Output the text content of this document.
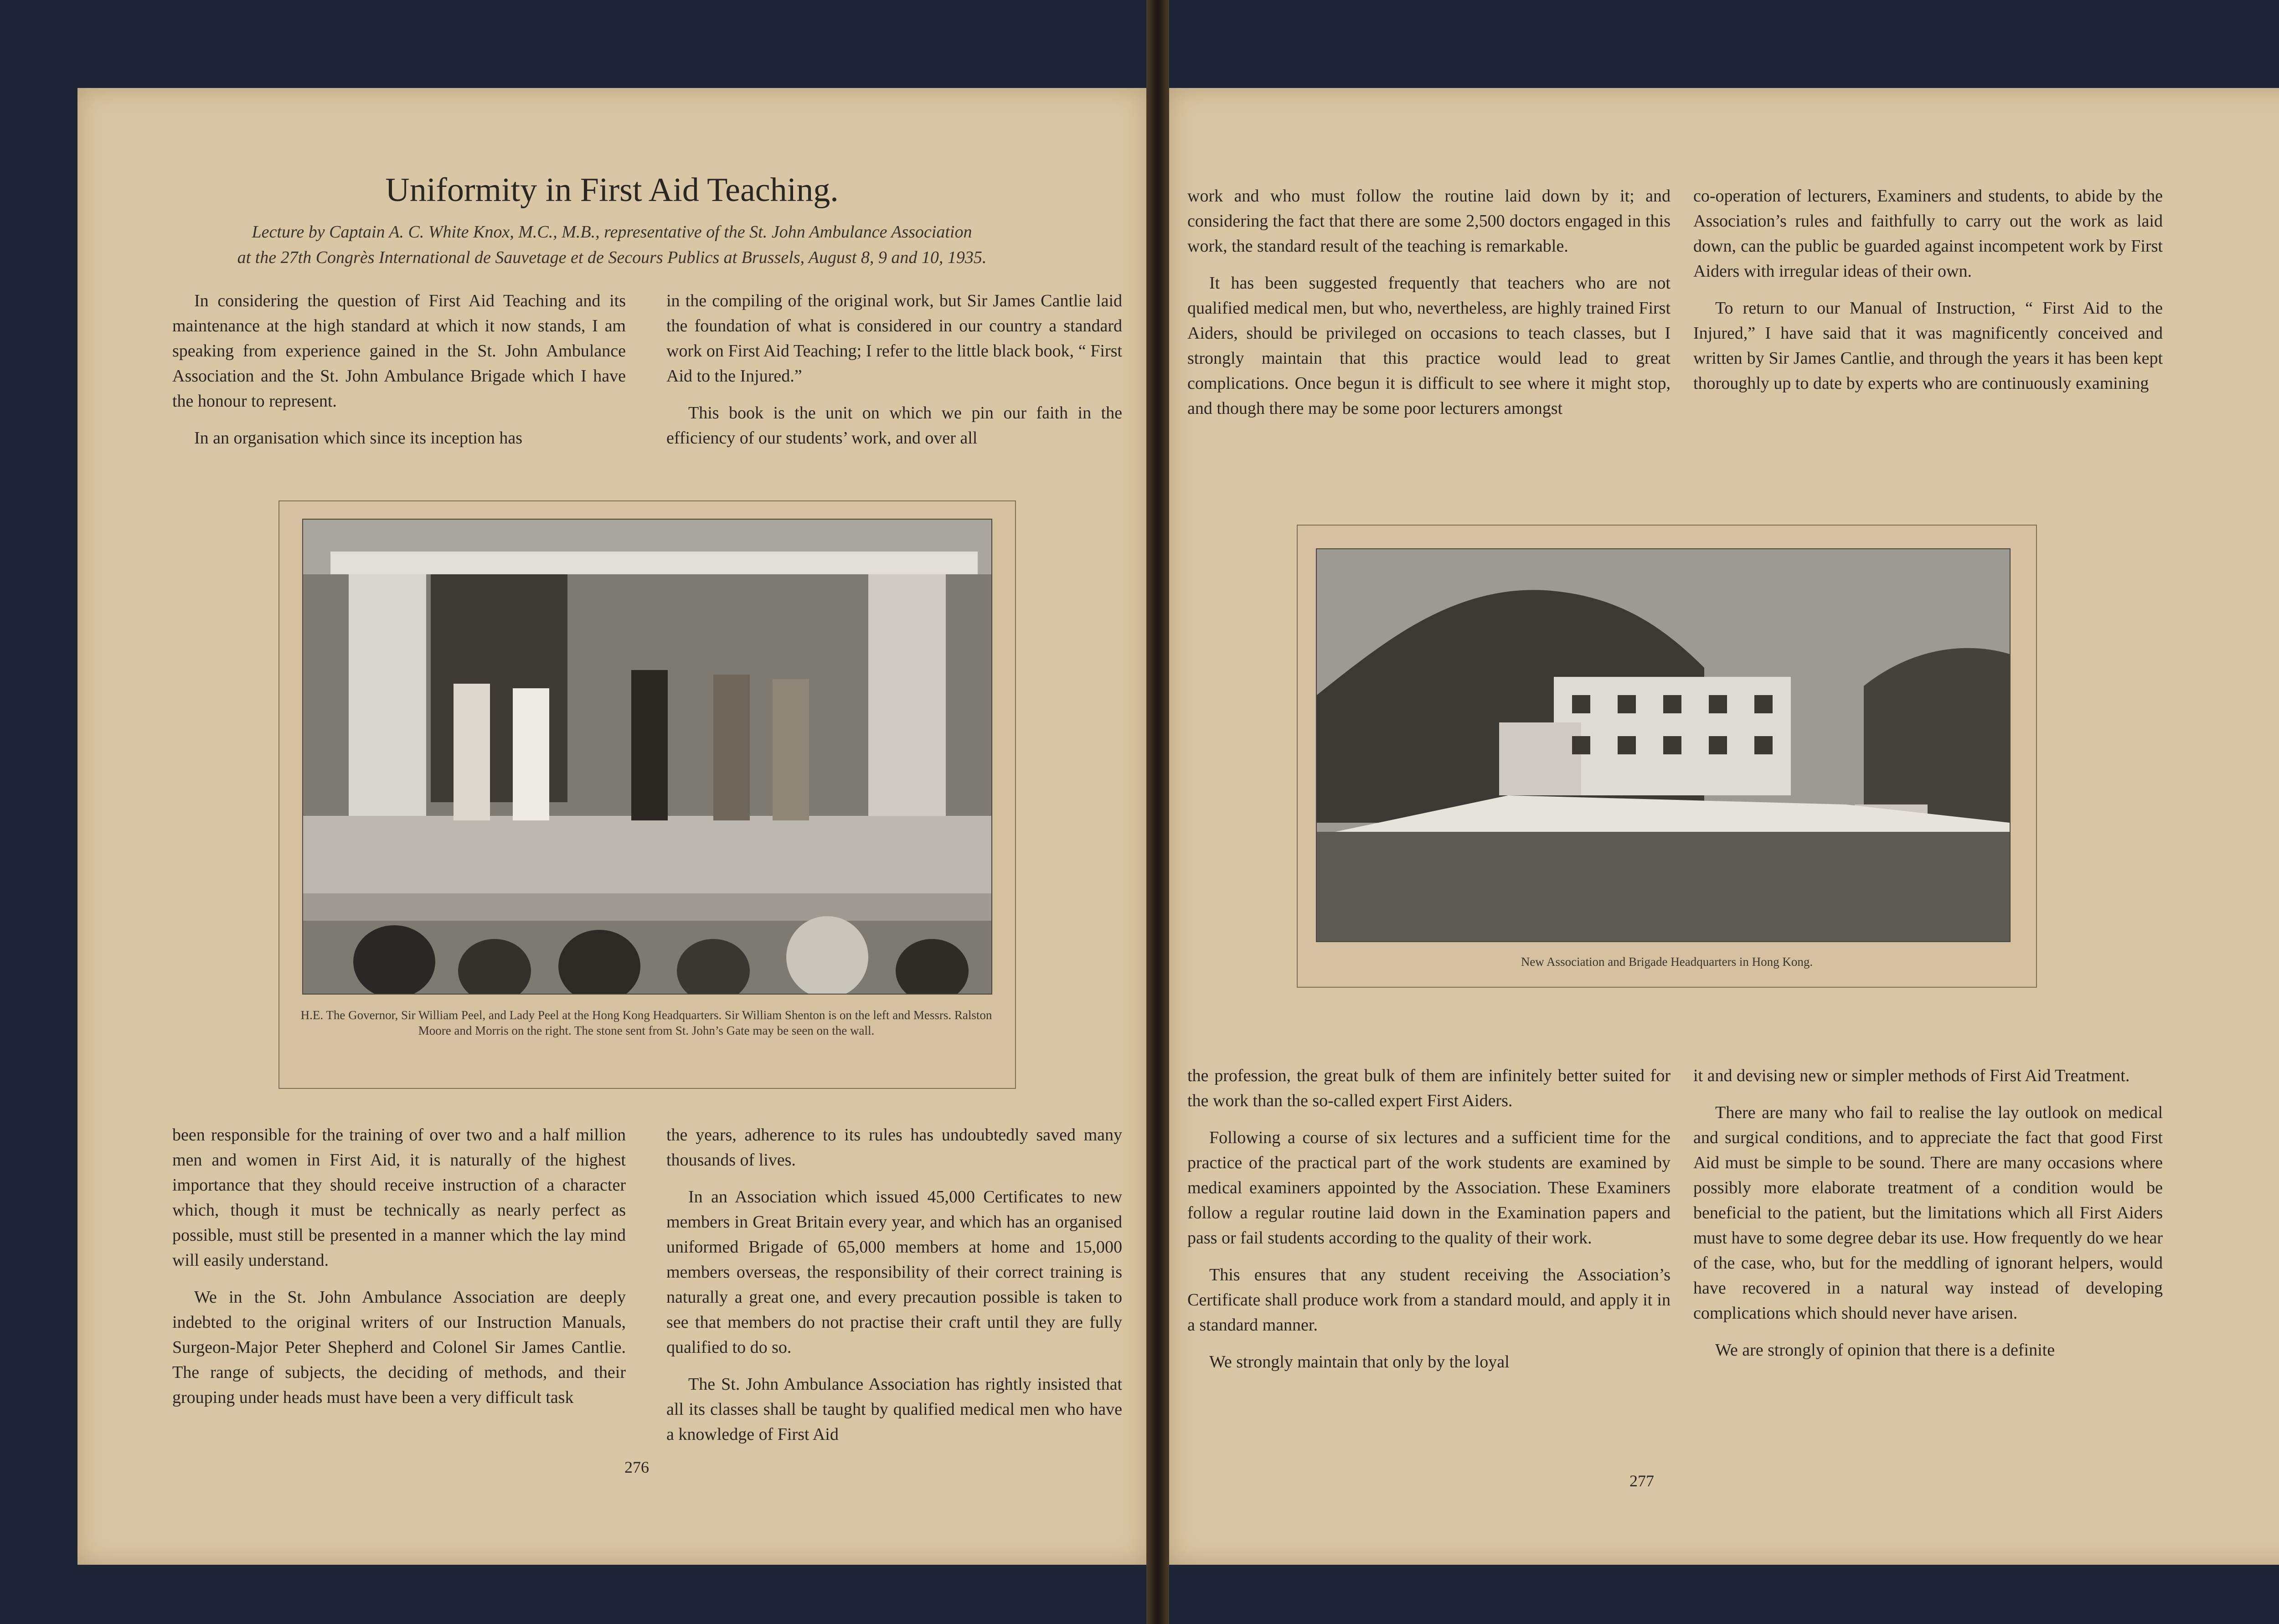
Uniformity in First Aid Teaching.
Lecture by Captain A. C. White Knox, M.C., M.B., representative of the St. John Ambulance Association
at the 27th Congrès International de Sauvetage et de Secours Publics at Brussels, August 8, 9 and 10, 1935.

In considering the question of First Aid Teaching and its maintenance at the high standard at which it now stands, I am speaking from experience gained in the St. John Ambulance Association and the St. John Ambulance Brigade which I have the honour to represent.

In an organisation which since its inception has

in the compiling of the original work, but Sir James Cantlie laid the foundation of what is considered in our country a standard work on First Aid Teaching; I refer to the little black book, “ First Aid to the Injured.”

This book is the unit on which we pin our faith in the efficiency of our students’ work, and over all

H.E. The Governor, Sir William Peel, and Lady Peel at the Hong Kong Headquarters. Sir William Shenton is on the left and Messrs. Ralston Moore and Morris on the right. The stone sent from St. John’s Gate may be seen on the wall.

been responsible for the training of over two and a half million men and women in First Aid, it is naturally of the highest importance that they should receive instruction of a character which, though it must be technically as nearly perfect as possible, must still be presented in a manner which the lay mind will easily understand.

We in the St. John Ambulance Association are deeply indebted to the original writers of our Instruction Manuals, Surgeon-Major Peter Shepherd and Colonel Sir James Cantlie. The range of subjects, the deciding of methods, and their grouping under heads must have been a very difficult task

the years, adherence to its rules has undoubtedly saved many thousands of lives.

In an Association which issued 45,000 Certificates to new members in Great Britain every year, and which has an organised uniformed Brigade of 65,000 members at home and 15,000 members overseas, the responsibility of their correct training is naturally a great one, and every precaution possible is taken to see that members do not practise their craft until they are fully qualified to do so.

The St. John Ambulance Association has rightly insisted that all its classes shall be taught by qualified medical men who have a knowledge of First Aid

276

work and who must follow the routine laid down by it; and considering the fact that there are some 2,500 doctors engaged in this work, the standard result of the teaching is remarkable.

It has been suggested frequently that teachers who are not qualified medical men, but who, nevertheless, are highly trained First Aiders, should be privileged on occasions to teach classes, but I strongly maintain that this practice would lead to great complications. Once begun it is difficult to see where it might stop, and though there may be some poor lecturers amongst

co-operation of lecturers, Examiners and students, to abide by the Association’s rules and faithfully to carry out the work as laid down, can the public be guarded against incompetent work by First Aiders with irregular ideas of their own.

To return to our Manual of Instruction, “ First Aid to the Injured,” I have said that it was magnificently conceived and written by Sir James Cantlie, and through the years it has been kept thoroughly up to date by experts who are continuously examining

New Association and Brigade Headquarters in Hong Kong.

the profession, the great bulk of them are infinitely better suited for the work than the so-called expert First Aiders.

Following a course of six lectures and a sufficient time for the practice of the practical part of the work students are examined by medical examiners appointed by the Association. These Examiners follow a regular routine laid down in the Examination papers and pass or fail students according to the quality of their work.

This ensures that any student receiving the Association’s Certificate shall produce work from a standard mould, and apply it in a standard manner.

We strongly maintain that only by the loyal

it and devising new or simpler methods of First Aid Treatment.

There are many who fail to realise the lay outlook on medical and surgical conditions, and to appreciate the fact that good First Aid must be simple to be sound. There are many occasions where possibly more elaborate treatment of a condition would be beneficial to the patient, but the limitations which all First Aiders must have to some degree debar its use. How frequently do we hear of the case, who, but for the meddling of ignorant helpers, would have recovered in a natural way instead of developing complications which should never have arisen.

We are strongly of opinion that there is a definite

277
